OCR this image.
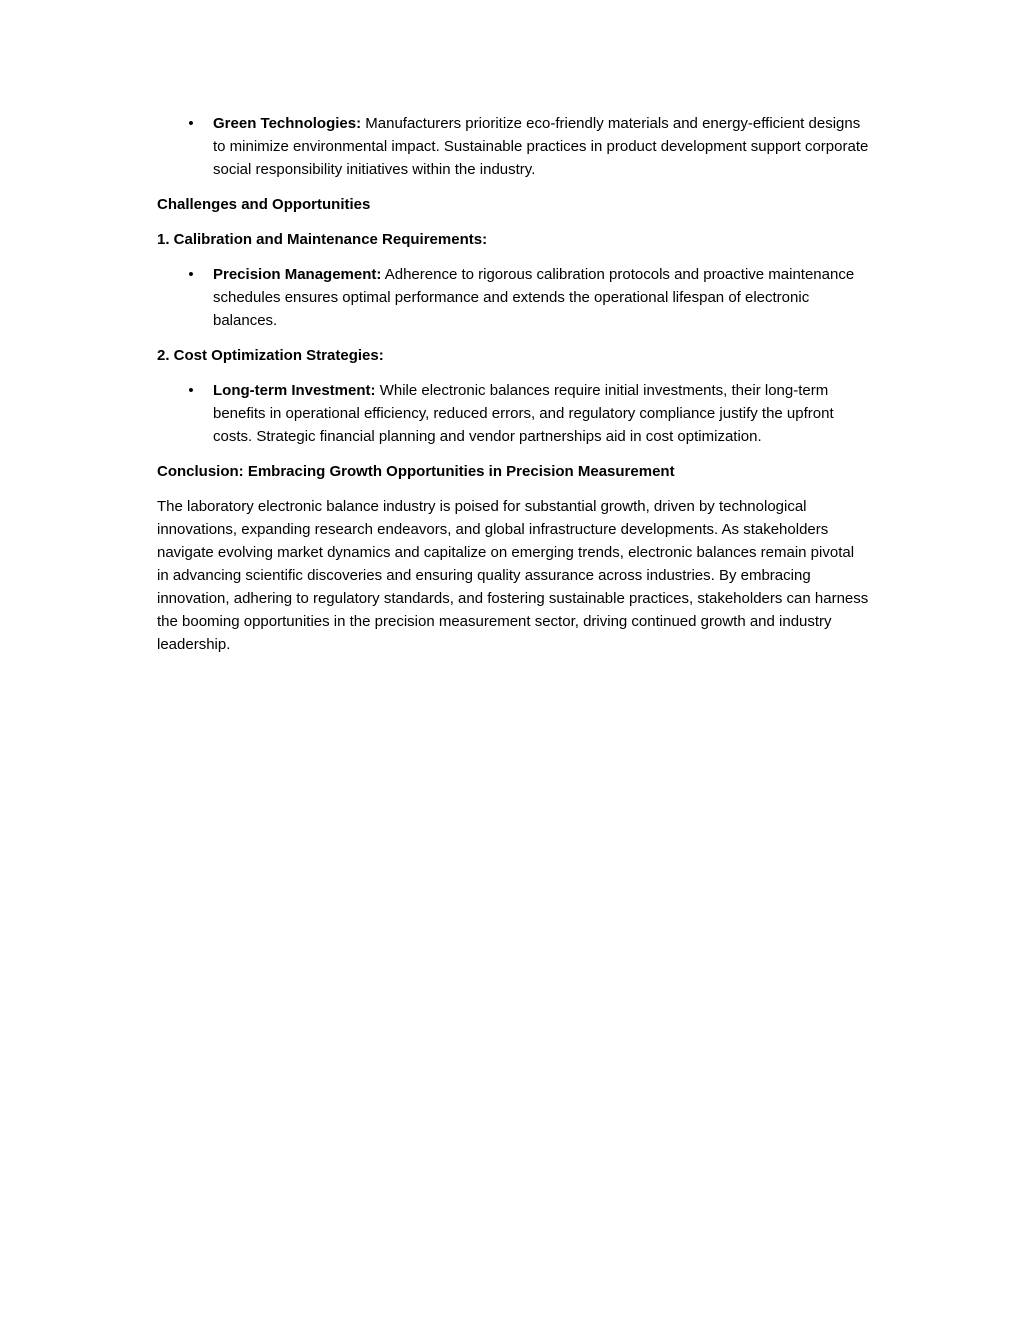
• Green Technologies: Manufacturers prioritize eco-friendly materials and energy-efficient designs to minimize environmental impact. Sustainable practices in product development support corporate social responsibility initiatives within the industry.
Challenges and Opportunities
1. Calibration and Maintenance Requirements:
• Precision Management: Adherence to rigorous calibration protocols and proactive maintenance schedules ensures optimal performance and extends the operational lifespan of electronic balances.
2. Cost Optimization Strategies:
• Long-term Investment: While electronic balances require initial investments, their long-term benefits in operational efficiency, reduced errors, and regulatory compliance justify the upfront costs. Strategic financial planning and vendor partnerships aid in cost optimization.
Conclusion: Embracing Growth Opportunities in Precision Measurement
The laboratory electronic balance industry is poised for substantial growth, driven by technological innovations, expanding research endeavors, and global infrastructure developments. As stakeholders navigate evolving market dynamics and capitalize on emerging trends, electronic balances remain pivotal in advancing scientific discoveries and ensuring quality assurance across industries. By embracing innovation, adhering to regulatory standards, and fostering sustainable practices, stakeholders can harness the booming opportunities in the precision measurement sector, driving continued growth and industry leadership.
